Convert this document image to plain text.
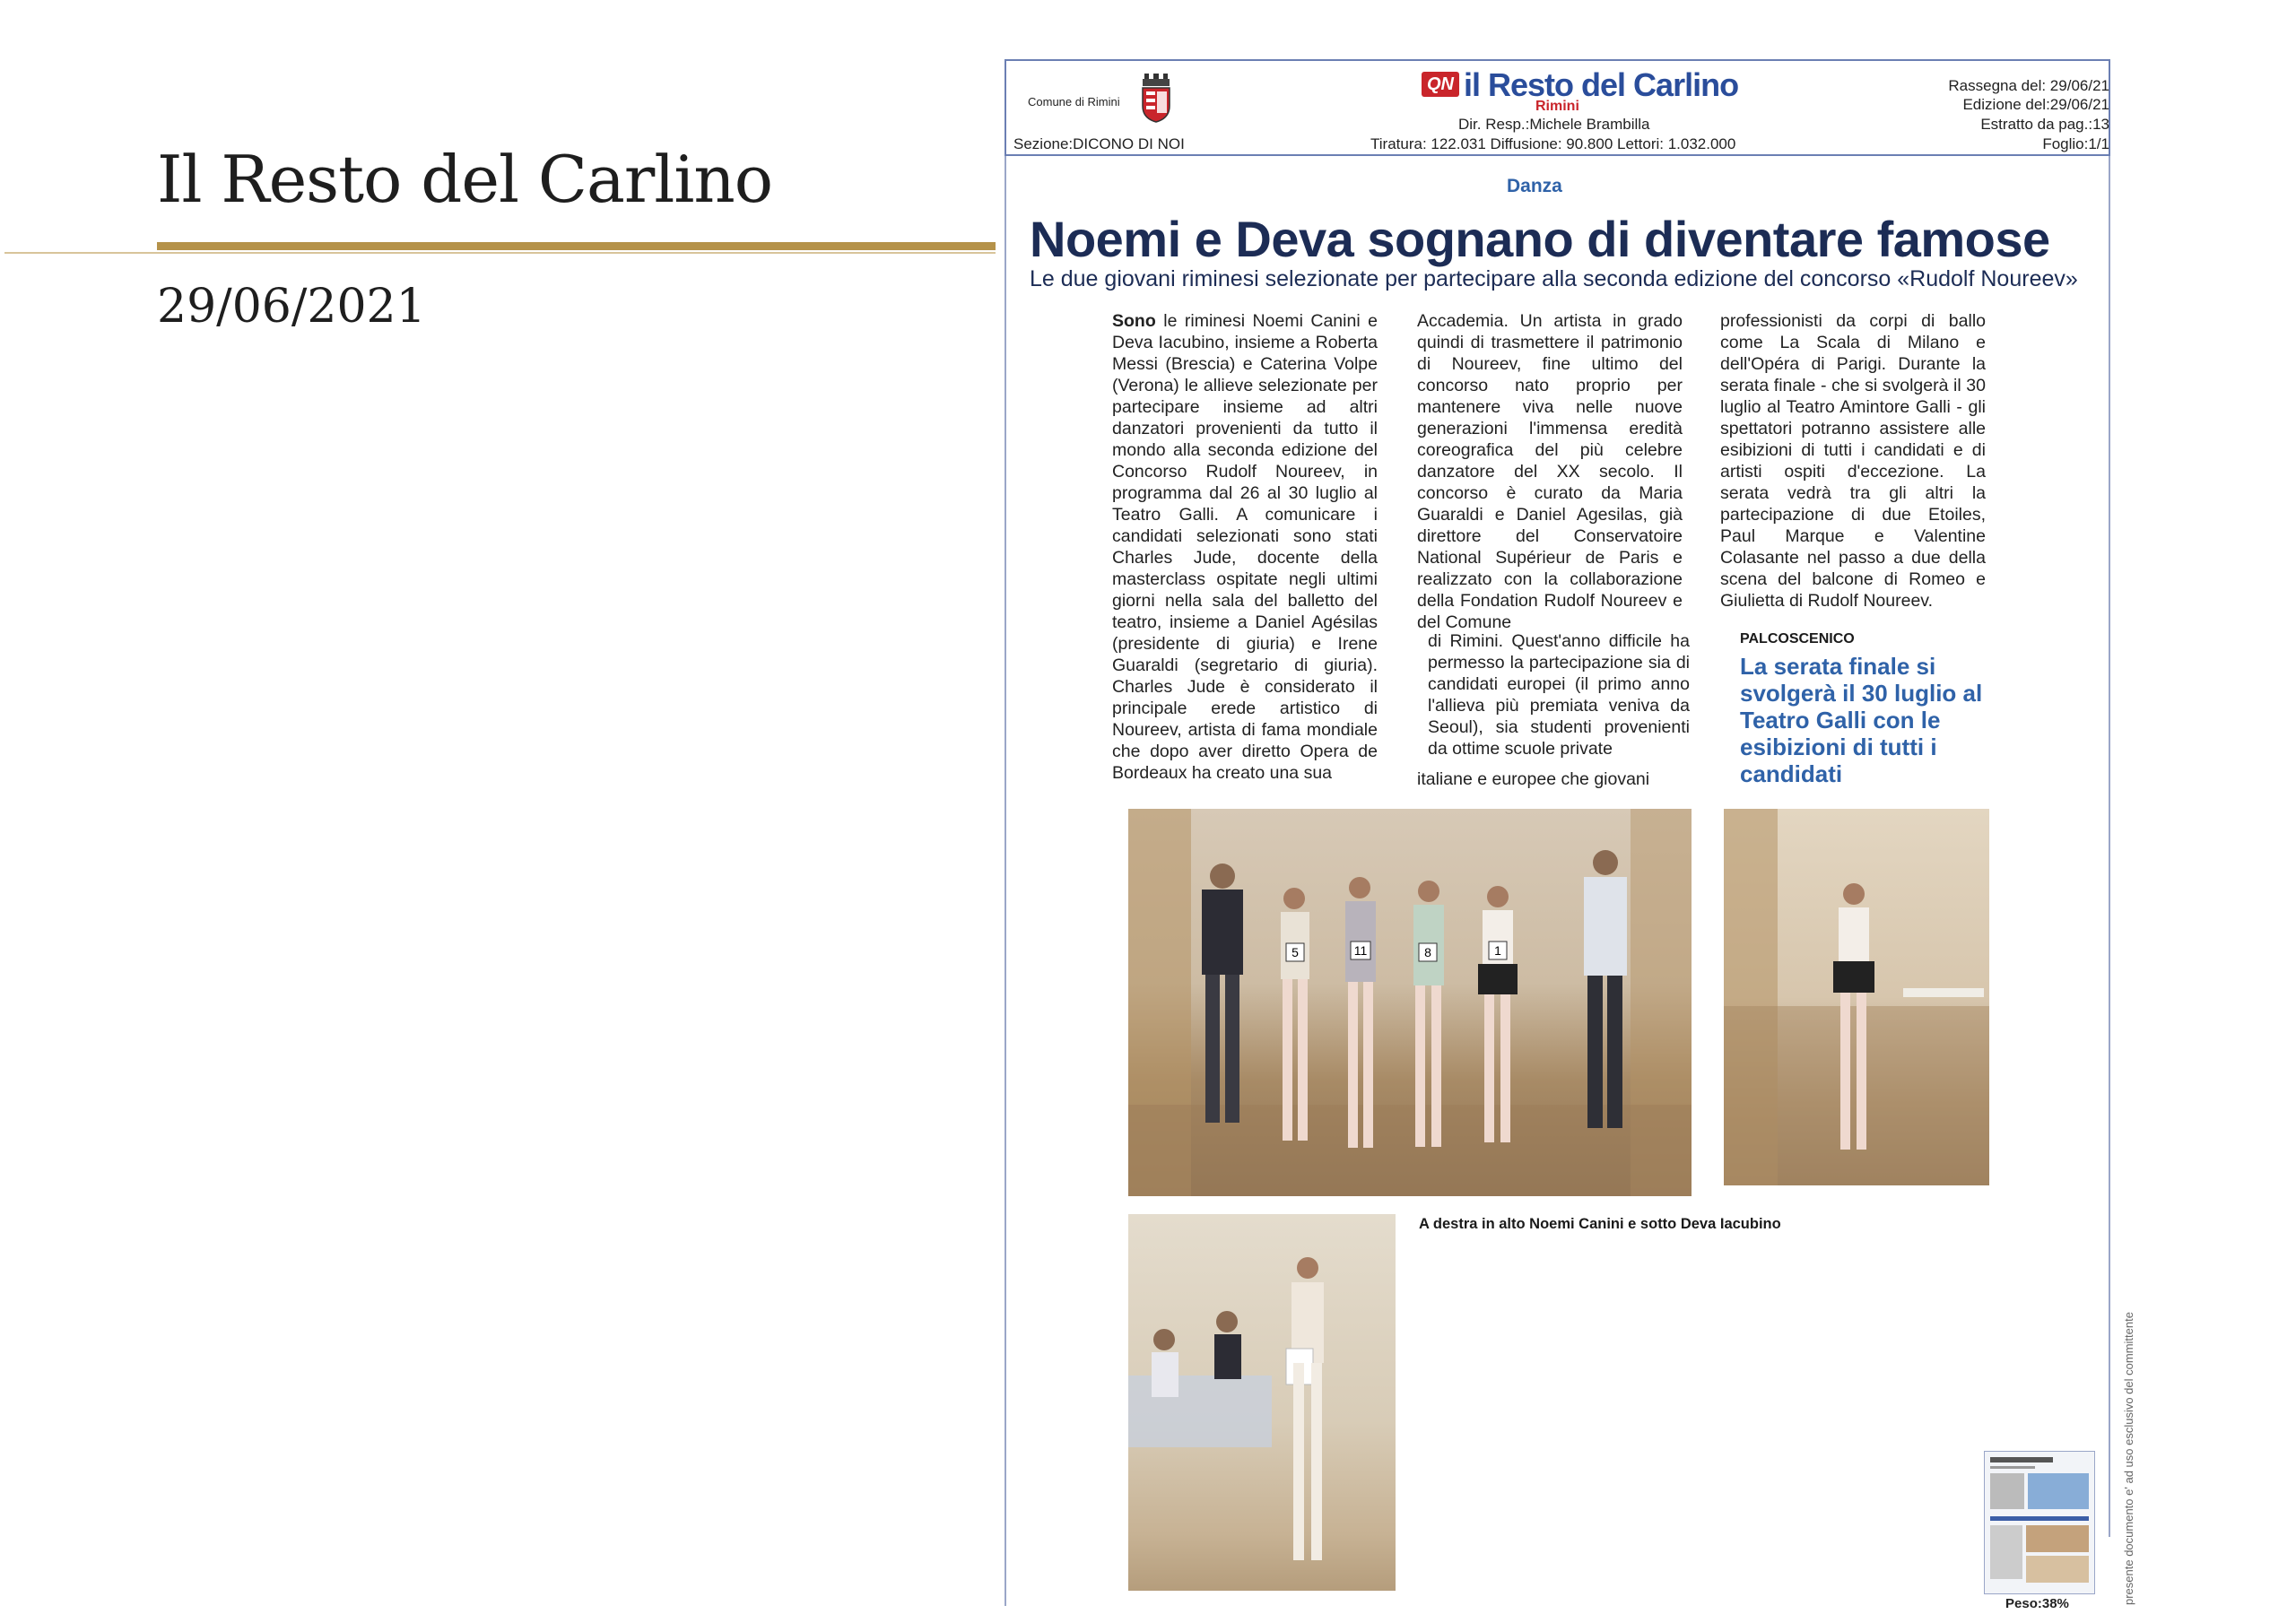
Il Resto del Carlino
29/06/2021
Comune di Rimini
QN il Resto del Carlino
Rimini
Dir. Resp.:Michele Brambilla
Tiratura: 122.031 Diffusione: 90.800 Lettori: 1.032.000
Sezione:DICONO DI NOI
Rassegna del: 29/06/21
Edizione del:29/06/21
Estratto da pag.:13
Foglio:1/1
Danza
Noemi e Deva sognano di diventare famose
Le due giovani riminesi selezionate per partecipare alla seconda edizione del concorso «Rudolf Noureev»
Sono le riminesi Noemi Canini e Deva Iacubino, insieme a Roberta Messi (Brescia) e Caterina Volpe (Verona) le allieve selezionate per partecipare insieme ad altri danzatori provenienti da tutto il mondo alla seconda edizione del Concorso Rudolf Noureev, in programma dal 26 al 30 luglio al Teatro Galli. A comunicare i candidati selezionati sono stati Charles Jude, docente della masterclass ospitate negli ultimi giorni nella sala del balletto del teatro, insieme a Daniel Agésilas (presidente di giuria) e Irene Guaraldi (segretario di giuria). Charles Jude è considerato il principale erede artistico di Noureev, artista di fama mondiale che dopo aver diretto Opera de Bordeaux ha creato una sua
Accademia. Un artista in grado quindi di trasmettere il patrimonio di Noureev, fine ultimo del concorso nato proprio per mantenere viva nelle nuove generazioni l'immensa eredità coreografica del più celebre danzatore del XX secolo. Il concorso è curato da Maria Guaraldi e Daniel Agesilas, già direttore del Conservatoire National Supérieur de Paris e realizzato con la collaborazione della Fondation Rudolf Noureev e del Comune
di Rimini. Quest'anno difficile ha permesso la partecipazione sia di candidati europei (il primo anno l'allieva più premiata veniva da Seoul), sia studenti provenienti da ottime scuole private
italiane e europee che giovani
professionisti da corpi di ballo come La Scala di Milano e dell'Opéra di Parigi. Durante la serata finale - che si svolgerà il 30 luglio al Teatro Amintore Galli - gli spettatori potranno assistere alle esibizioni di tutti i candidati e di artisti ospiti d'eccezione. La serata vedrà tra gli altri la partecipazione di due Etoiles, Paul Marque e Valentine Colasante nel passo a due della scena del balcone di Romeo e Giulietta di Rudolf Noureev.
PALCOSCENICO
La serata finale si svolgerà il 30 luglio al Teatro Galli con le esibizioni di tutti i candidati
5	11	8	1
A destra in alto Noemi Canini e sotto Deva Iacubino
Peso:38%	presente documento e' ad uso esclusivo del committente
